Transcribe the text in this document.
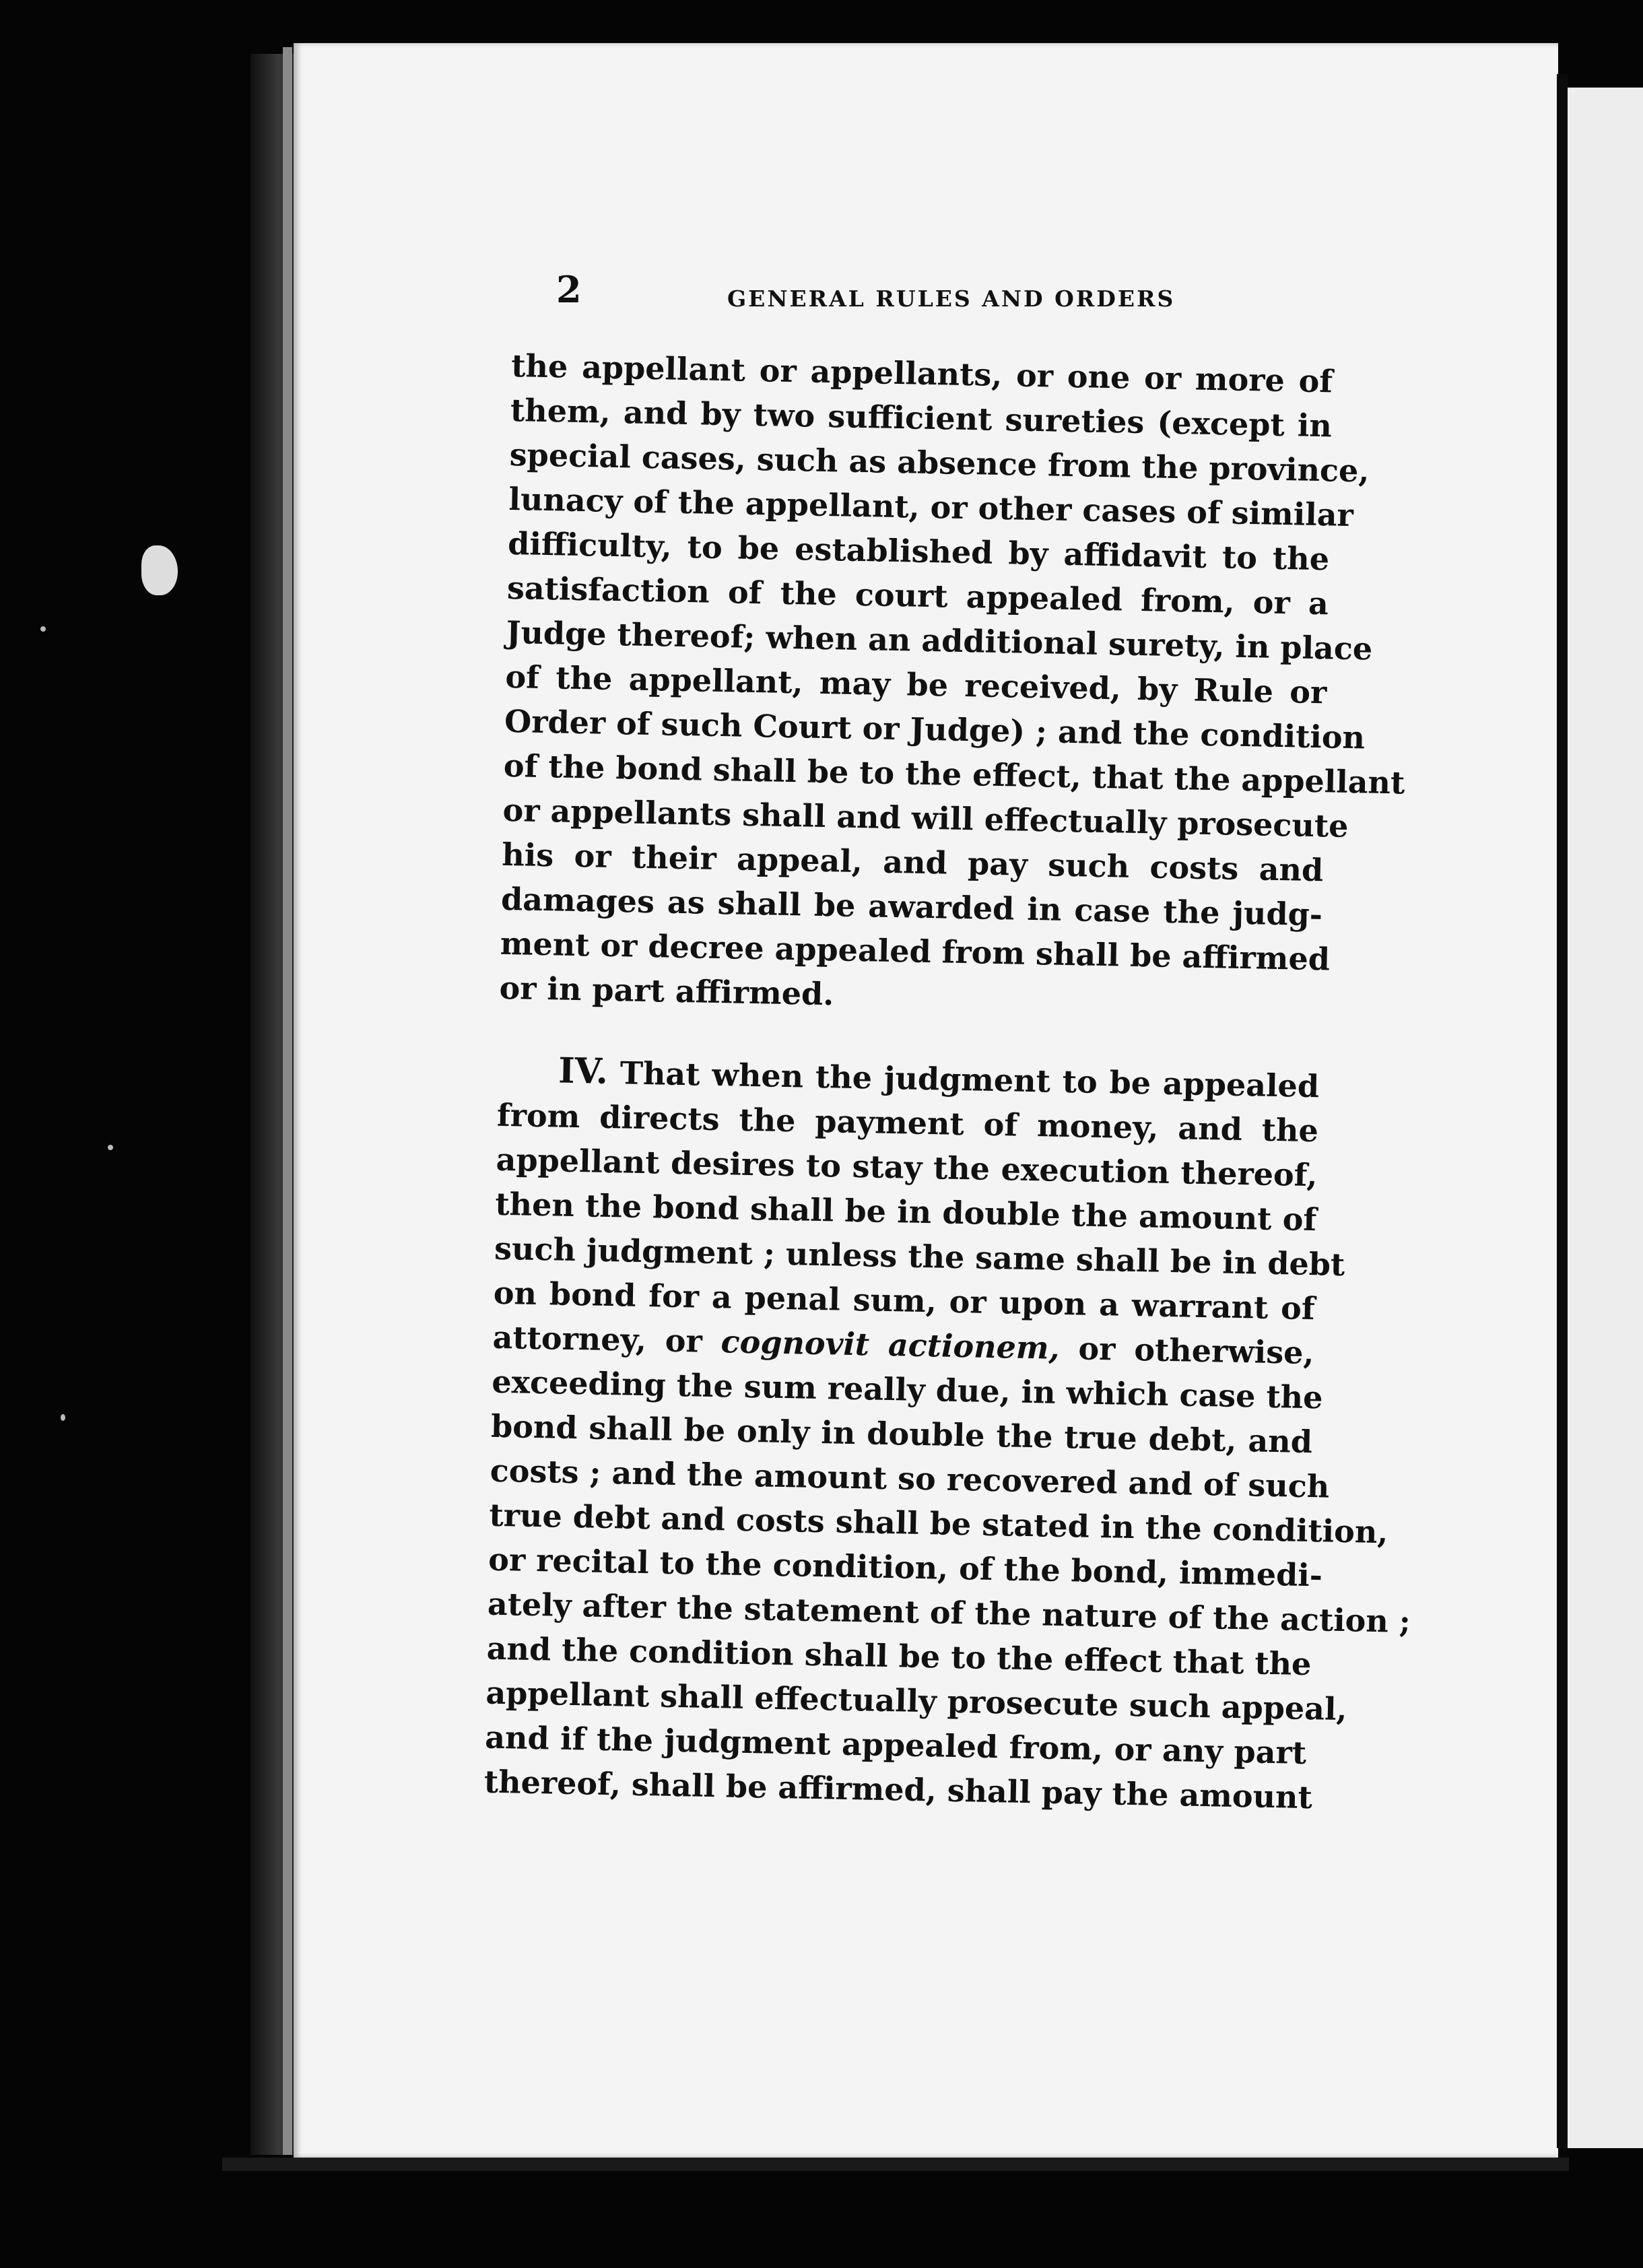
2	GENERAL RULES AND ORDERS
the appellant or appellants, or one or more of
them, and by two sufficient sureties (except in
special cases, such as absence from the province,
lunacy of the appellant, or other cases of similar
difficulty, to be established by affidavit to the
satisfaction of the court appealed from, or a
Judge thereof; when an additional surety, in place
of the appellant, may be received, by Rule or
Order of such Court or Judge) ; and the condition
of the bond shall be to the effect, that the appellant
or appellants shall and will effectually prosecute
his or their appeal, and pay such costs and
damages as shall be awarded in case the judg-
ment or decree appealed from shall be affirmed
or in part affirmed.
IV. That when the judgment to be appealed
from directs the payment of money, and the
appellant desires to stay the execution thereof,
then the bond shall be in double the amount of
such judgment ; unless the same shall be in debt
on bond for a penal sum, or upon a warrant of
attorney, or cognovit actionem, or otherwise,
exceeding the sum really due, in which case the
bond shall be only in double the true debt, and
costs ; and the amount so recovered and of such
true debt and costs shall be stated in the condition,
or recital to the condition, of the bond, immedi-
ately after the statement of the nature of the action ;
and the condition shall be to the effect that the
appellant shall effectually prosecute such appeal,
and if the judgment appealed from, or any part
thereof, shall be affirmed, shall pay the amount
